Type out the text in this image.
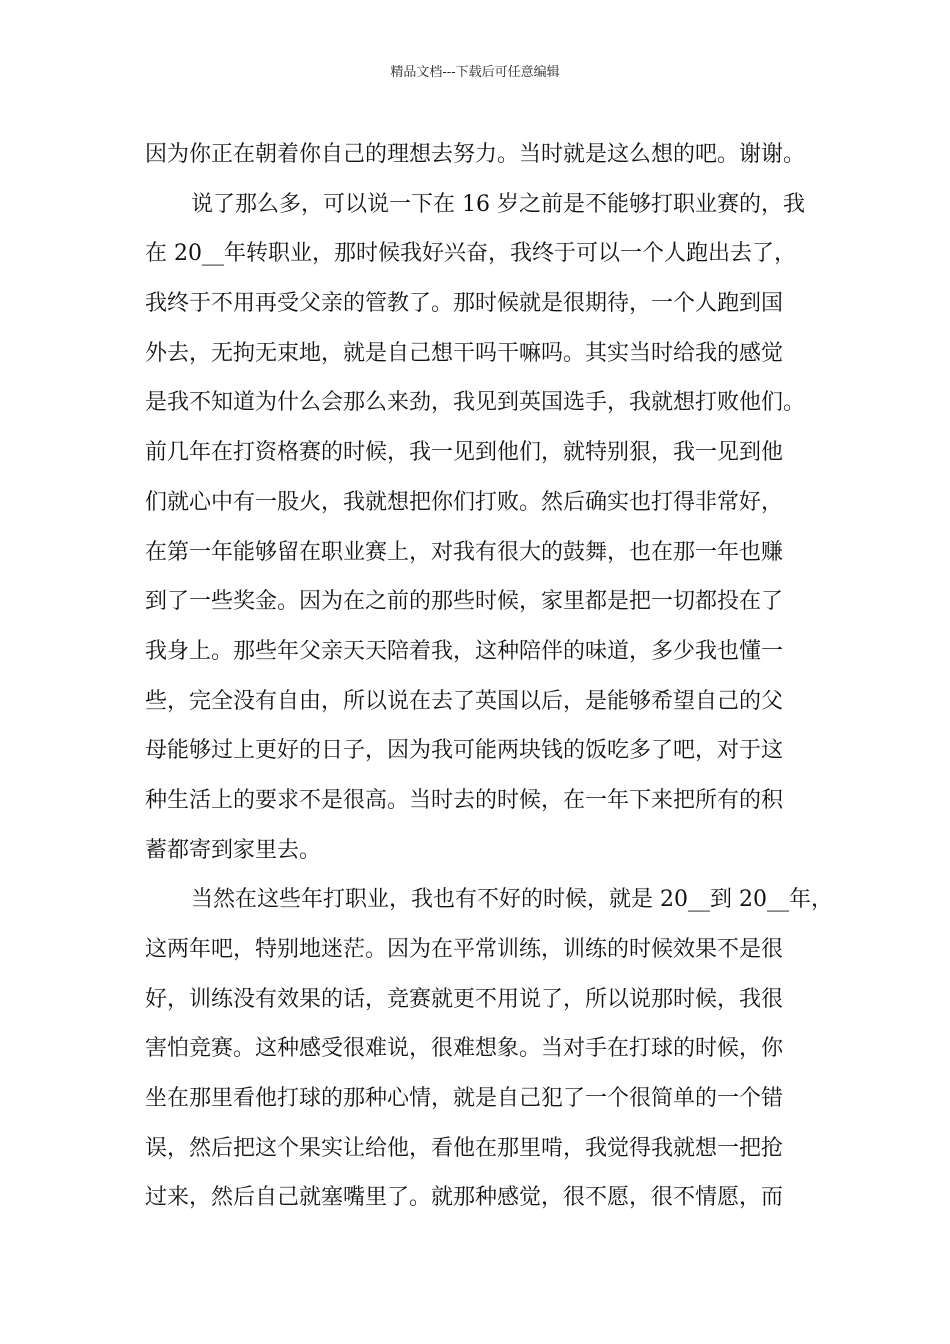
精品文档---下载后可任意编辑
因为你正在朝着你自己的理想去努力。当时就是这么想的吧。谢谢。
说了那么多，可以说一下在 16 岁之前是不能够打职业赛的，我
在 20__年转职业，那时候我好兴奋，我终于可以一个人跑出去了，
我终于不用再受父亲的管教了。那时候就是很期待，一个人跑到国
外去，无拘无束地，就是自己想干吗干嘛吗。其实当时给我的感觉
是我不知道为什么会那么来劲，我见到英国选手，我就想打败他们。
前几年在打资格赛的时候，我一见到他们，就特别狠，我一见到他
们就心中有一股火，我就想把你们打败。然后确实也打得非常好，
在第一年能够留在职业赛上，对我有很大的鼓舞，也在那一年也赚
到了一些奖金。因为在之前的那些时候，家里都是把一切都投在了
我身上。那些年父亲天天陪着我，这种陪伴的味道，多少我也懂一
些，完全没有自由，所以说在去了英国以后，是能够希望自己的父
母能够过上更好的日子，因为我可能两块钱的饭吃多了吧，对于这
种生活上的要求不是很高。当时去的时候，在一年下来把所有的积
蓄都寄到家里去。
当然在这些年打职业，我也有不好的时候，就是 20__到 20__年，
这两年吧，特别地迷茫。因为在平常训练，训练的时候效果不是很
好，训练没有效果的话，竞赛就更不用说了，所以说那时候，我很
害怕竞赛。这种感受很难说，很难想象。当对手在打球的时候，你
坐在那里看他打球的那种心情，就是自己犯了一个很简单的一个错
误，然后把这个果实让给他，看他在那里啃，我觉得我就想一把抢
过来，然后自己就塞嘴里了。就那种感觉，很不愿，很不情愿，而
